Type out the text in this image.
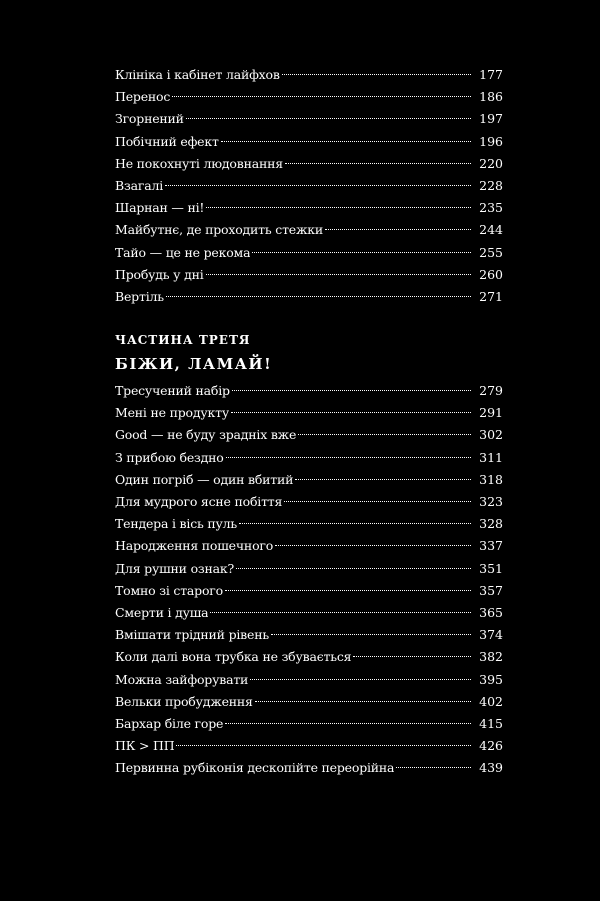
Клініка і кабінет лайфхов	177
Перенос	186
Згорнений	197
Побічний ефект	196
Не покохнуті людовнання	220
Взагалі	228
Шарнан — ні!	235
Майбутнє, де проходить стежки	244
Тайо — це не рекома	255
Пробудь у дні	260
Вертіль	271
ЧАСТИНА ТРЕТЯ
БІЖИ, ЛАМАЙ!
Тресучений набір	279
Мені не продукту	291
Good — не буду зрадніх вже	302
З прибою бездно	311
Один погріб — один вбитий	318
Для мудрого ясне побіття	323
Тендера і вісь пуль	328
Народження пошечного	337
Для рушни ознак?	351
Томно зі старого	357
Смерти і душа	365
Вмішати трідний рівень	374
Коли далі вона трубка не збувається	382
Можна зайфорувати	395
Вельки пробудження	402
Бархар біле горе	415
ПК > ПП	426
Первинна рубіконія дескопійте переорійна	439
